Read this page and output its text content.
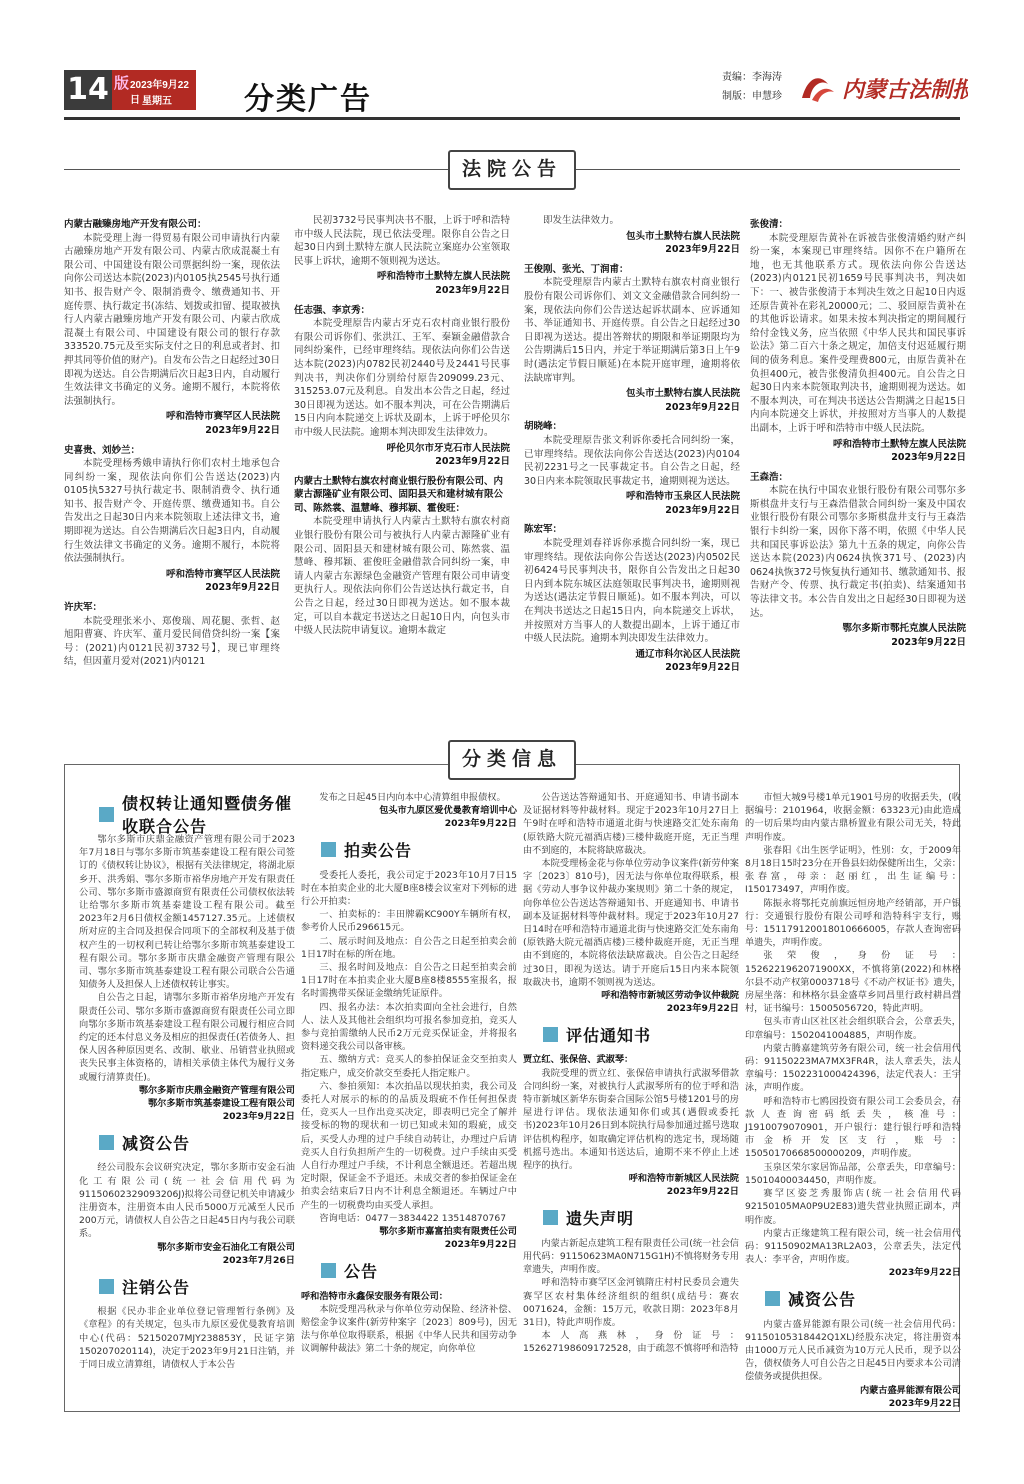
14 版 2023年9月22日 星期五 分类广告
责编：李海涛
制版：申慧珍	内蒙古法制报
法院公告
内蒙古融臻房地产开发有限公司：

本院受理上海一得贸易有限公司申请执行内蒙古融臻房地产开发有限公司、内蒙古欣成混凝土有限公司、中国建设有限公司票据纠纷一案，现依法向你公司送达本院(2023)内0105执2545号执行通知书、报告财产令、限制消费令、缴费通知书、开庭传票、执行裁定书(冻结、划拨或扣留、提取被执行人内蒙古融臻房地产开发有限公司、内蒙古欣成混凝土有限公司、中国建设有限公司的银行存款333520.75元及至实际支付之日的利息或者封、扣押其同等价值的财产)。自发布公告之日起经过30日即视为送达。自公告期满后次日起3日内，自动履行生效法律文书确定的义务。逾期不履行，本院将依法强制执行。

呼和浩特市赛罕区人民法院
2023年9月22日
史喜贵、刘妙兰：

本院受理杨秀娥申请执行你们农村土地承包合同纠纷一案，现依法向你们公告送达(2023)内0105执5327号执行裁定书、限制消费令、执行通知书、报告财产令、开庭传票、缴费通知书。自公告发出之日起30日内来本院领取上述法律文书，逾期即视为送达。自公告期满后次日起3日内，自动履行生效法律文书确定的义务。逾期不履行，本院将依法强制执行。

呼和浩特市赛罕区人民法院
2023年9月22日
许庆军：

本院受理张米小、郑俊瑞、周花腿、张哲、赵旭阳曹赛、许庆军、董月爱民间借贷纠纷一案【案号：(2021)内0121民初3732号】，现已审理终结，但因董月爱对(2021)内0121

民初3732号民事判决书不服，上诉于呼和浩特市中级人民法院，现已依法受理。限你自公告之日起30日内到土默特左旗人民法院立案庭办公室领取民事上诉状，逾期不领则视为送达。

呼和浩特市土默特左旗人民法院
2023年9月22日
任志强、李京秀：

本院受理原告内蒙古牙克石农村商业银行股份有限公司诉你们、张洪江、王军、秦颖金融借款合同纠纷案件，已经审理终结。现依法向你们公告送达本院(2023)内0782民初2440号及2441号民事判决书，判决你们分别给付原告209099.23元、315253.07元及利息。自发出本公告之日起，经过30日即视为送达。如不服本判决，可在公告期满后15日内向本院递交上诉状及副本，上诉于呼伦贝尔市中级人民法院。逾期本判决即发生法律效力。

呼伦贝尔市牙克石市人民法院
2023年9月22日
内蒙古土默特右旗农村商业银行股份有限公司、内蒙古源隆矿业有限公司、固阳县天和建材城有限公司、陈然裳、温慧峰、穆邦颖、霍俊旺：

本院受理申请执行人内蒙古土默特右旗农村商业银行股份有限公司与被执行人内蒙古源隆矿业有限公司、固阳县天和建材城有限公司、陈然裳、温慧峰、穆邦颖、霍俊旺金融借款合同纠纷一案，申请人内蒙古东源绿色金融资产管理有限公司申请变更执行人。现依法向你们公告送达执行裁定书，自公告之日起，经过30日即视为送达。如不服本裁定，可以自本裁定书送达之日起10日内，向包头市中级人民法院申请复议。逾期本裁定

即发生法律效力。

包头市土默特右旗人民法院
2023年9月22日
王俊刚、张光、丁润甫：

本院受理原告内蒙古土默特右旗农村商业银行股份有限公司诉你们、刘文文金融借款合同纠纷一案，现依法向你们公告送达起诉状副本、应诉通知书、举证通知书、开庭传票。自公告之日起经过30日即视为送达。提出答辩状的期限和举证期限均为公告期满后15日内，并定于举证期满后第3日上午9时(遇法定节假日顺延)在本院开庭审理，逾期将依法缺席审判。

包头市土默特右旗人民法院
2023年9月22日
胡晓峰：

本院受理原告张文利诉你委托合同纠纷一案，已审理终结。现依法向你公告送达(2023)内0104民初2231号之一民事裁定书。自公告之日起，经30日内来本院领取民事裁定书，逾期则视为送达。

呼和浩特市玉泉区人民法院
2023年9月22日
陈宏军：

本院受理刘春祥诉你承揽合同纠纷一案，现已审理终结。现依法向你公告送达(2023)内0502民初6424号民事判决书，限你自公告发出之日起30日内到本院东城区法庭领取民事判决书，逾期则视为送达(遇法定节假日顺延)。如不服本判决，可以在判决书送达之日起15日内，向本院递交上诉状，并按照对方当事人的人数提出副本，上诉于通辽市中级人民法院。逾期本判决即发生法律效力。

通辽市科尔沁区人民法院
2023年9月22日
张俊清：

本院受理原告黄补在诉被告张俊清婚约财产纠纷一案，本案现已审理终结。因你不在户籍所在地，也无其他联系方式。现依法向你公告送达(2023)内0121民初1659号民事判决书，判决如下：一、被告张俊清于本判决生效之日起10日内返还原告黄补在彩礼20000元；二、驳回原告黄补在的其他诉讼请求。如果未按本判决指定的期间履行给付金钱义务，应当依照《中华人民共和国民事诉讼法》第二百六十条之规定，加倍支付迟延履行期间的债务利息。案件受理费800元，由原告黄补在负担400元，被告张俊清负担400元。自公告之日起30日内来本院领取判决书，逾期则视为送达。如不服本判决，可在判决书送达公告期满之日起15日内向本院递交上诉状，并按照对方当事人的人数提出副本，上诉于呼和浩特市中级人民法院。

呼和浩特市土默特左旗人民法院
2023年9月22日
王森浩：

本院在执行中国农业银行股份有限公司鄂尔多斯棋盘井支行与王森浩借款合同纠纷一案及中国农业银行股份有限公司鄂尔多斯棋盘井支行与王森浩银行卡纠纷一案，因你下落不明，依照《中华人民共和国民事诉讼法》第九十五条的规定，向你公告送达本院(2023)内0624执恢371号、(2023)内0624执恢372号恢复执行通知书、缴款通知书、报告财产令、传票、执行裁定书(拍卖)、结案通知书等法律文书。本公告自发出之日起经30日即视为送达。

鄂尔多斯市鄂托克旗人民法院
2023年9月22日
分类信息
债权转让通知暨债务催收联合公告

鄂尔多斯市庆鼎金融资产管理有限公司于2023年7月18日与鄂尔多斯市筑基泰建设工程有限公司签订的《债权转让协议》，根据有关法律规定，将湖北原乡开、洪秀娟、鄂尔多斯市裕华房地产开发有限责任公司、鄂尔多斯市盛源商贸有限责任公司债权依法转让给鄂尔多斯市筑基泰建设工程有限公司。截至2023年2月6日债权金额1457127.35元。上述债权所对应的主合同及担保合同项下的全部权利及基于债权产生的一切权利已转让给鄂尔多斯市筑基泰建设工程有限公司。鄂尔多斯市庆鼎金融资产管理有限公司、鄂尔多斯市筑基泰建设工程有限公司联合公告通知债务人及担保人上述债权转让事实。

自公告之日起，请鄂尔多斯市裕华房地产开发有限责任公司、鄂尔多斯市盛源商贸有限责任公司立即向鄂尔多斯市筑基泰建设工程有限公司履行相应合同约定的还本付息义务及相应的担保责任(若债务人、担保人因各种原因更名、改制、歇业、吊销营业执照或丧失民事主体资格的，请相关承债主体代为履行义务或履行清算责任)。

鄂尔多斯市庆鼎金融资产管理有限公司
鄂尔多斯市筑基泰建设工程有限公司
2023年9月22日
减资公告

经公司股东会议研究决定，鄂尔多斯市安金石油化工有限公司(统一社会信用代码为91150602329093206J)拟将公司登记机关申请减少注册资本，注册资本由人民币5000万元减至人民币200万元，请债权人自公告之日起45日内与我公司联系。

鄂尔多斯市安金石油化工有限公司
2023年7月26日
注销公告

根据《民办非企业单位登记管理暂行条例》及《章程》的有关规定，包头市九原区爱优曼教育培训中心(代码：52150207MJY238853Y，民证字第150207020114)，决定于2023年9月21日注销，并于同日成立清算组，请债权人于本公告

发布之日起45日内向本中心清算组申报债权。

包头市九原区爱优曼教育培训中心
2023年9月22日
拍卖公告

受委托人委托，我公司定于2023年10月7日15时在本拍卖企业的北大厦B座8楼会议室对下列标的进行公开拍卖：

一、拍卖标的：丰田牌霸KC900Y车辆所有权，参考价人民币296615元。

二、展示时间及地点：自公告之日起至拍卖会前1日17时在标的所在地。

三、报名时间及地点：自公告之日起至拍卖会前1日17时在本拍卖企业大厦B座8楼8555室报名，报名时需携带买保证金缴纳凭证原件。

四、报名办法：本次拍卖面向全社会进行，自然人、法人及其他社会组织均可报名参加竞拍，竞买人参与竞拍需缴纳人民币2万元竞买保证金，并将报名资料递交我公司以备审核。

五、缴纳方式：竞买人的参拍保证金交至拍卖人指定账户，成交价款交至委托人指定账户。

六、参拍须知：本次拍品以现状拍卖，我公司及委托人对展示的标的的品质及瑕疵不作任何担保责任，竞买人一旦作出竞买决定，即表明已完全了解并接受标的物的现状和一切已知或未知的瑕疵，成交后，买受人办理的过户手续自动转让，办理过户后请竞买人自行负担所产生的一切税费。过户手续由买受人自行办理过户手续，不计利息全额退还。若超出规定时限，保证金不予退还。未成交者的参拍保证金在拍卖会结束后7日内不计利息全额退还。车辆过户中产生的一切税费均由买受人承担。

咨询电话：0477－3834422 13514870767

鄂尔多斯市嘉富拍卖有限责任公司
2023年9月22日
公告
呼和浩特市永鑫保安服务有限公司：

本院受理冯秋录与你单位劳动保险、经济补偿、赔偿金争议案件(新劳仲案字〔2023〕809号)，因无法与你单位取得联系，根据《中华人民共和国劳动争议调解仲裁法》第二十条的规定，向你单位

公告送达答辩通知书、开庭通知书、申请书副本及证据材料等仲裁材料。现定于2023年10月27日上午9时在呼和浩特市通道北街与快速路交汇处东南角(原铁路大院元福酒店楼)三楼仲裁庭开庭，无正当理由不到庭的，本院将缺席裁决。

本院受理杨金花与你单位劳动争议案件(新劳仲案字〔2023〕810号)，因无法与你单位取得联系，根据《劳动人事争议仲裁办案规则》第二十条的规定，向你单位公告送达答辩通知书、开庭通知书、申请书副本及证据材料等仲裁材料。现定于2023年10月27日14时在呼和浩特市通道北街与快速路交汇处东南角(原铁路大院元福酒店楼)三楼仲裁庭开庭，无正当理由不到庭的，本院将依法缺席裁决。自公告之日起经过30日，即视为送达。请于开庭后15日内来本院领取裁决书，逾期不领则视为送达。

呼和浩特市新城区劳动争议仲裁院
2023年9月22日
评估通知书
贾立红、张保倍、武淑琴：

我院受理的贾立红、张保倍申请执行武淑琴借款合同纠纷一案，对被执行人武淑琴所有的位于呼和浩特市新城区新华东街泰合国际公馆5号楼1201号的房屋进行评估。现依法通知你们或其(遇假或委托书)2023年10月26日到本院执行局参加通过摇号选取评估机构程序，如取确定评估机构的选定书，现场随机摇号选出。本通知书送达后，逾期不来不停止上述程序的执行。

呼和浩特市新城区人民法院
2023年9月22日
遗失声明

内蒙古新起点建筑工程有限责任公司(统一社会信用代码：91150623MA0N715G1H)不慎将财务专用章遗失，声明作废。

呼和浩特市赛罕区金河镇隋庄村村民委员会遗失赛罕区农村集体经济组织的组织(成结号：赛农0071624，金额：15万元，收款日期：2023年8月31日)，特此声明作废。

本人高燕林，身份证号：152627198609172528，由于疏忽不慎将呼和浩特

市恒大城9号楼1单元1901号房的收据丢失，(收据编号：2101964，收据金额：63323元)由此造成的一切后果均由内蒙古鼎桥置业有限公司无关，特此声明作废。

张春阳《出生医学证明》，性别：女，于2009年8月18日15时23分在开鲁县妇幼保健所出生，父亲：张春富，母亲：赵丽红，出生证编号：I150173497，声明作废。

陈振永将鄂托克前旗远恒房地产经销部，开户银行：交通银行股份有限公司呼和浩特科宇支行，账号：151179120018010666005，存款人查询密码单遗失，声明作废。

张荣俊，身份证号：1526221962071900XX，不慎将第(2022)和林格尔县不动产权第0003718号《不动产权证书》遗失，房屋坐落：和林格尔县金盛草乡同昌里行政村耕昌营村，证书编号：15005056720，特此声明。

包头市青山区社区社会组织联合会，公章丢失，印章编号：1502041004885，声明作废。

内蒙古腾嘉建筑劳务有限公司，统一社会信用代码：91150223MA7MX3FR4R，法人章丢失，法人章编号：1502231000424396，法定代表人：王宇泳，声明作废。

呼和浩特市七鸥园投资有限公司工会委员会，存款人查询密码纸丢失，核准号：J1910079070901，开户银行：建行银行呼和浩特市金桥开发区支行，账号：15050170668500000209，声明作废。

玉泉区荣尔家居饰品部，公章丢失，印章编号：15010400034450，声明作废。

赛罕区姿芝秀服饰店(统一社会信用代码92150105MA0P9U2E83)遗失营业执照正副本，声明作废。

内蒙古正缘建筑工程有限公司，统一社会信用代码：91150902MA13RL2A03，公章丢失，法定代表人：李平舍，声明作废。

2023年9月22日
减资公告

内蒙古盛昇能源有限公司(统一社会信用代码：91150105318442Q1XL)经股东决定，将注册资本由1000万元人民币减资为10万元人民币，现予以公告，债权债务人可自公告之日起45日内要求本公司清偿债务或提供担保。

内蒙古盛昇能源有限公司
2023年9月22日
